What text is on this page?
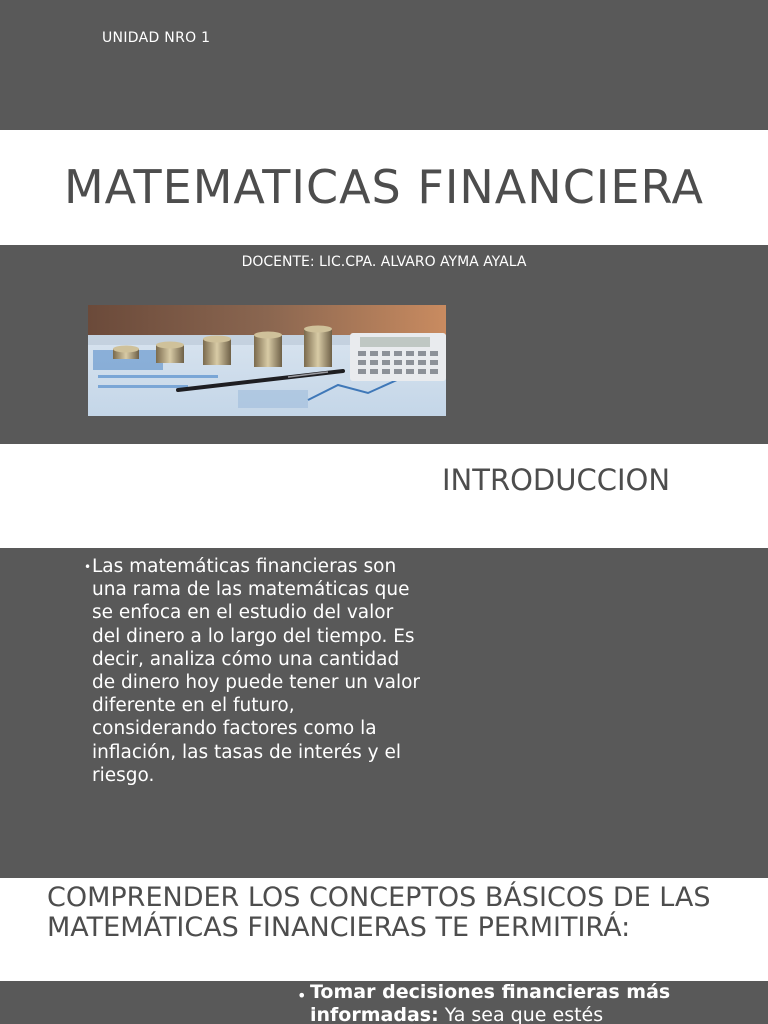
UNIDAD NRO 1
MATEMATICAS FINANCIERA
DOCENTE: LIC.CPA. ALVARO AYMA AYALA
INTRODUCCION
• Las matemáticas financieras son una rama de las matemáticas que se enfoca en el estudio del valor del dinero a lo largo del tiempo. Es decir, analiza cómo una cantidad de dinero hoy puede tener un valor diferente en el futuro, considerando factores como la inflación, las tasas de interés y el riesgo.
COMPRENDER LOS CONCEPTOS BÁSICOS DE LAS MATEMÁTICAS FINANCIERAS TE PERMITIRÁ:
• Tomar decisiones financieras más informadas: Ya sea que estés
